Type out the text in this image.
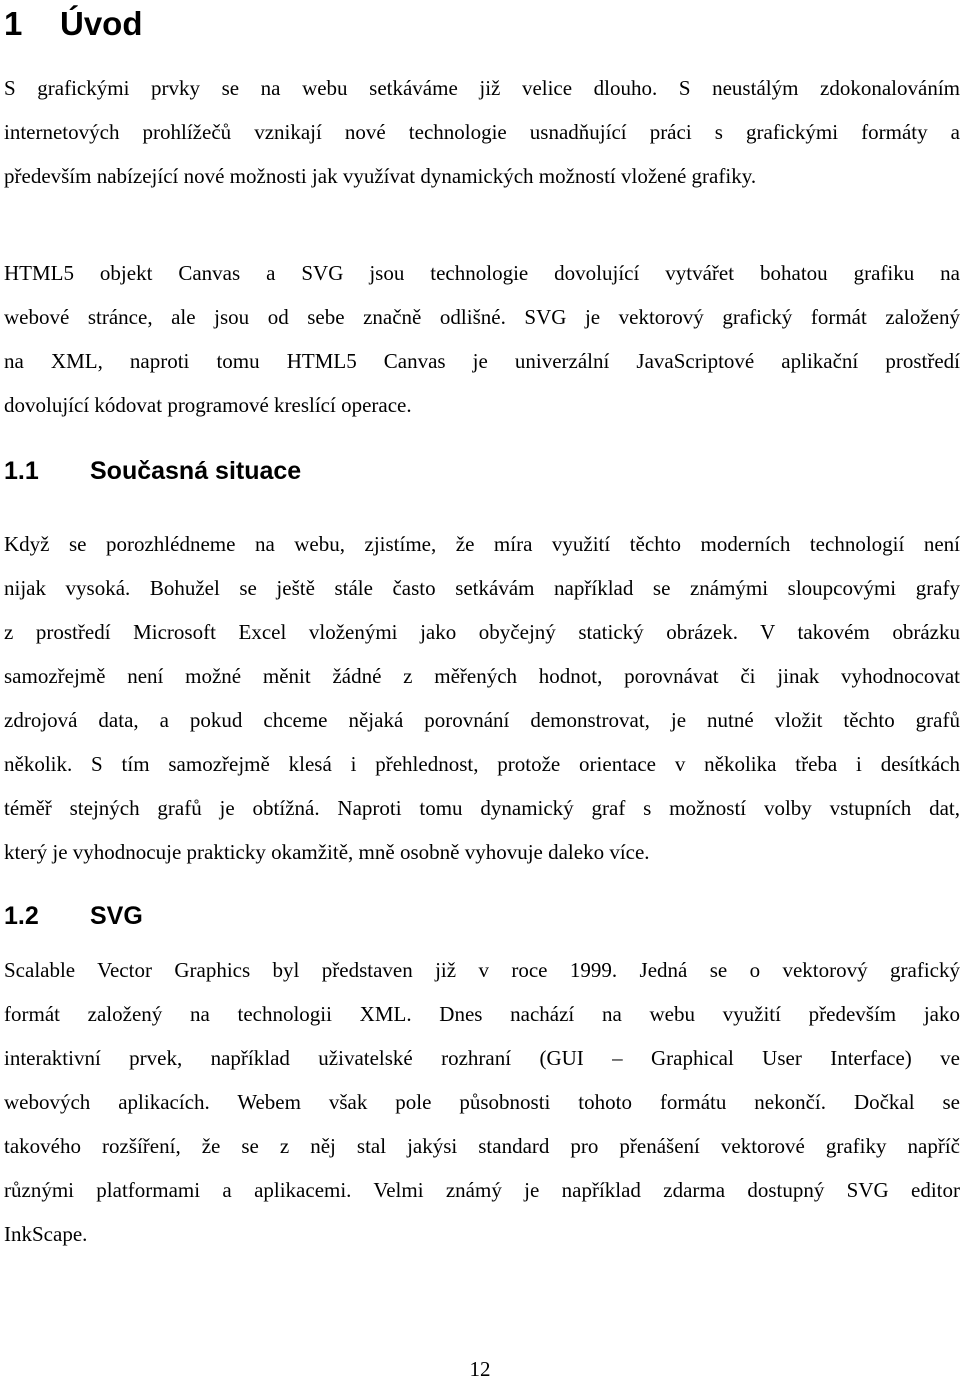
1 Úvod
S grafickými prvky se na webu setkáváme již velice dlouho. S neustálým zdokonalováním
internetových prohlížečů vznikají nové technologie usnadňující práci s grafickými formáty a
především nabízející nové možnosti jak využívat dynamických možností vložené grafiky.
HTML5 objekt Canvas a SVG jsou technologie dovolující vytvářet bohatou grafiku na
webové stránce, ale jsou od sebe značně odlišné. SVG je vektorový grafický formát založený
na XML, naproti tomu HTML5 Canvas je univerzální JavaScriptové aplikační prostředí
dovolující kódovat programové kreslící operace.
1.1 Současná situace
Když se porozhlédneme na webu, zjistíme, že míra využití těchto moderních technologií není
nijak vysoká. Bohužel se ještě stále často setkávám například se známými sloupcovými grafy
z prostředí Microsoft Excel vloženými jako obyčejný statický obrázek. V takovém obrázku
samozřejmě není možné měnit žádné z měřených hodnot, porovnávat či jinak vyhodnocovat
zdrojová data, a pokud chceme nějaká porovnání demonstrovat, je nutné vložit těchto grafů
několik. S tím samozřejmě klesá i přehlednost, protože orientace v několika třeba i desítkách
téměř stejných grafů je obtížná. Naproti tomu dynamický graf s možností volby vstupních dat,
který je vyhodnocuje prakticky okamžitě, mně osobně vyhovuje daleko více.
1.2 SVG
Scalable Vector Graphics byl představen již v roce 1999. Jedná se o vektorový grafický
formát založený na technologii XML. Dnes nachází na webu využití především jako
interaktivní prvek, například uživatelské rozhraní (GUI – Graphical User Interface) ve
webových aplikacích. Webem však pole působnosti tohoto formátu nekončí. Dočkal se
takového rozšíření, že se z něj stal jakýsi standard pro přenášení vektorové grafiky napříč
různými platformami a aplikacemi. Velmi známý je například zdarma dostupný SVG editor
InkScape.
12
